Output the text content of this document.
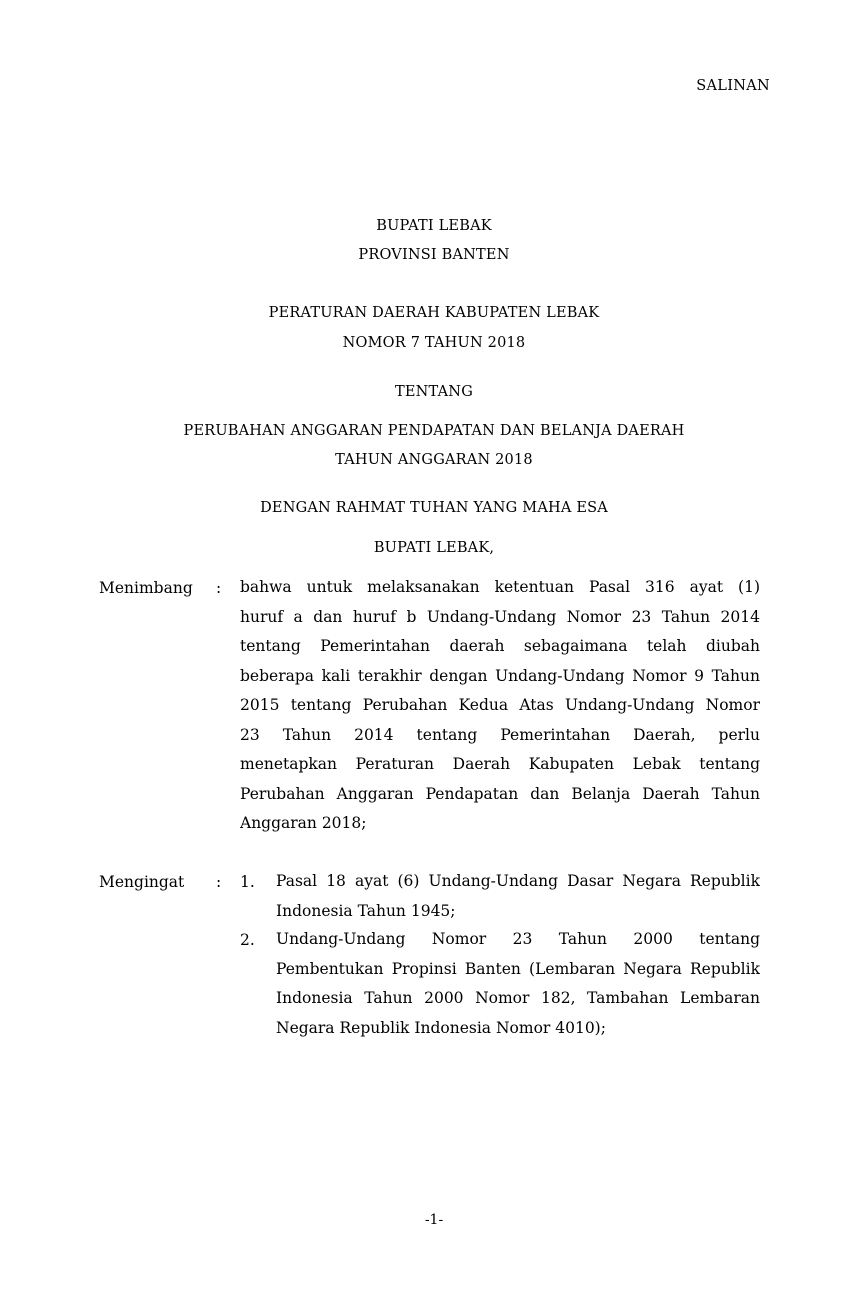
SALINAN
BUPATI LEBAK
PROVINSI BANTEN
PERATURAN DAERAH KABUPATEN LEBAK
NOMOR 7 TAHUN 2018
TENTANG
PERUBAHAN ANGGARAN PENDAPATAN DAN BELANJA DAERAH
TAHUN ANGGARAN 2018
DENGAN RAHMAT TUHAN YANG MAHA ESA
BUPATI LEBAK,
Menimbang : bahwa untuk melaksanakan ketentuan Pasal 316 ayat (1)
huruf a dan huruf b Undang-Undang Nomor 23 Tahun 2014
tentang Pemerintahan daerah sebagaimana telah diubah
beberapa kali terakhir dengan Undang-Undang Nomor 9 Tahun
2015 tentang Perubahan Kedua Atas Undang-Undang Nomor
23 Tahun 2014 tentang Pemerintahan Daerah, perlu
menetapkan Peraturan Daerah Kabupaten Lebak tentang
Perubahan Anggaran Pendapatan dan Belanja Daerah Tahun
Anggaran 2018;
Mengingat : 1. Pasal 18 ayat (6) Undang-Undang Dasar Negara Republik
Indonesia Tahun 1945;
2. Undang-Undang Nomor 23 Tahun 2000 tentang
Pembentukan Propinsi Banten (Lembaran Negara Republik
Indonesia Tahun 2000 Nomor 182, Tambahan Lembaran
Negara Republik Indonesia Nomor 4010);
-1-
